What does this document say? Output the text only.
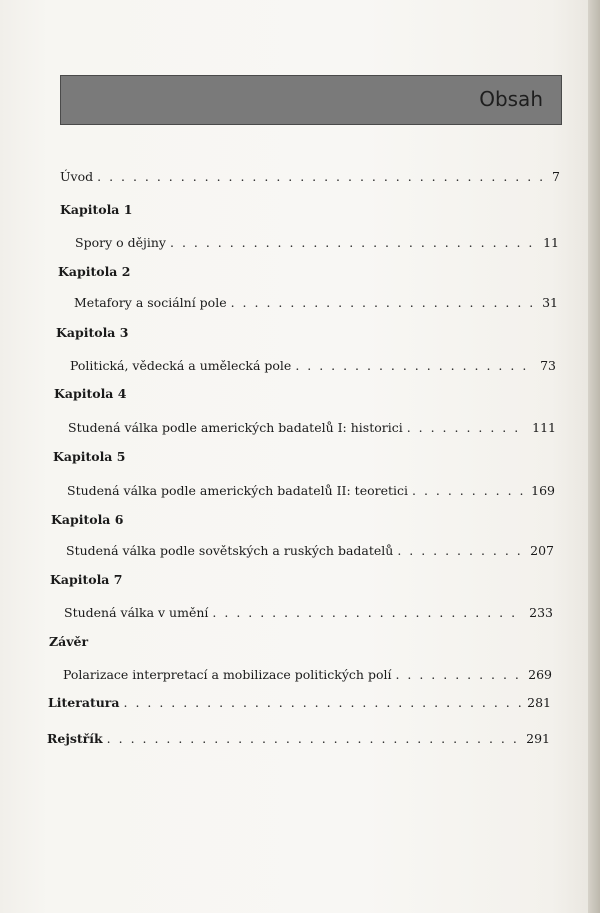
Obsah
Úvod . . .	7
Kapitola 1
Spory o dějiny . . .	11
Kapitola 2
Metafory a sociální pole . . .	31
Kapitola 3
Politická, vědecká a umělecká pole . . .	73
Kapitola 4
Studená válka podle amerických badatelů I: historici . . .	111
Kapitola 5
Studená válka podle amerických badatelů II: teoretici . . .	169
Kapitola 6
Studená válka podle sovětských a ruských badatelů . . .	207
Kapitola 7
Studená válka v umění . . .	233
Závěr
Polarizace interpretací a mobilizace politických polí . . .	269
Literatura . . .	281
Rejstřík . . .	291
